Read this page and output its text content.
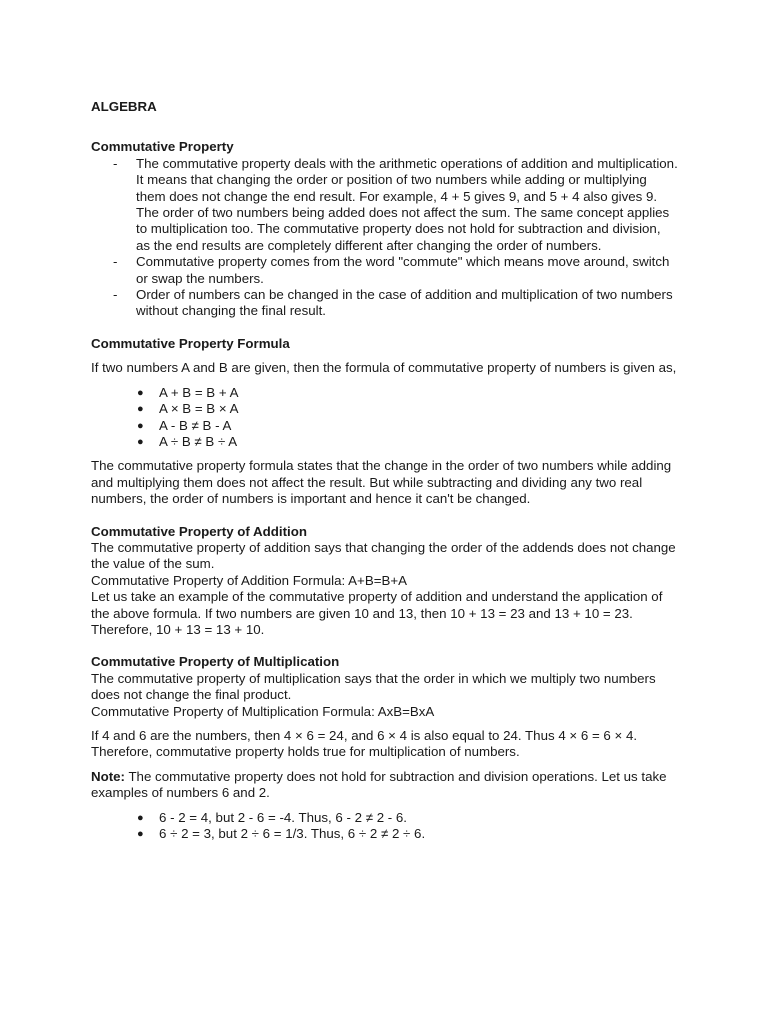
ALGEBRA

Commutative Property

- The commutative property deals with the arithmetic operations of addition and multiplication. It means that changing the order or position of two numbers while adding or multiplying them does not change the end result. For example, 4 + 5 gives 9, and 5 + 4 also gives 9. The order of two numbers being added does not affect the sum. The same concept applies to multiplication too. The commutative property does not hold for subtraction and division, as the end results are completely different after changing the order of numbers.
- Commutative property comes from the word "commute" which means move around, switch or swap the numbers.
- Order of numbers can be changed in the case of addition and multiplication of two numbers without changing the final result.

Commutative Property Formula

If two numbers A and B are given, then the formula of commutative property of numbers is given as,

● A + B = B + A
● A × B = B × A
● A - B ≠ B - A
● A ÷ B ≠ B ÷ A

The commutative property formula states that the change in the order of two numbers while adding and multiplying them does not affect the result. But while subtracting and dividing any two real numbers, the order of numbers is important and hence it can't be changed.

Commutative Property of Addition

The commutative property of addition says that changing the order of the addends does not change the value of the sum.

Commutative Property of Addition Formula: A+B=B+A

Let us take an example of the commutative property of addition and understand the application of the above formula. If two numbers are given 10 and 13, then 10 + 13 = 23 and 13 + 10 = 23. Therefore, 10 + 13 = 13 + 10.

Commutative Property of Multiplication

The commutative property of multiplication says that the order in which we multiply two numbers does not change the final product.

Commutative Property of Multiplication Formula: AxB=BxA

If 4 and 6 are the numbers, then 4 × 6 = 24, and 6 × 4 is also equal to 24. Thus 4 × 6 = 6 × 4. Therefore, commutative property holds true for multiplication of numbers.

Note: The commutative property does not hold for subtraction and division operations. Let us take examples of numbers 6 and 2.

● 6 - 2 = 4, but 2 - 6 = -4. Thus, 6 - 2 ≠ 2 - 6.
● 6 ÷ 2 = 3, but 2 ÷ 6 = 1/3. Thus, 6 ÷ 2 ≠ 2 ÷ 6.
